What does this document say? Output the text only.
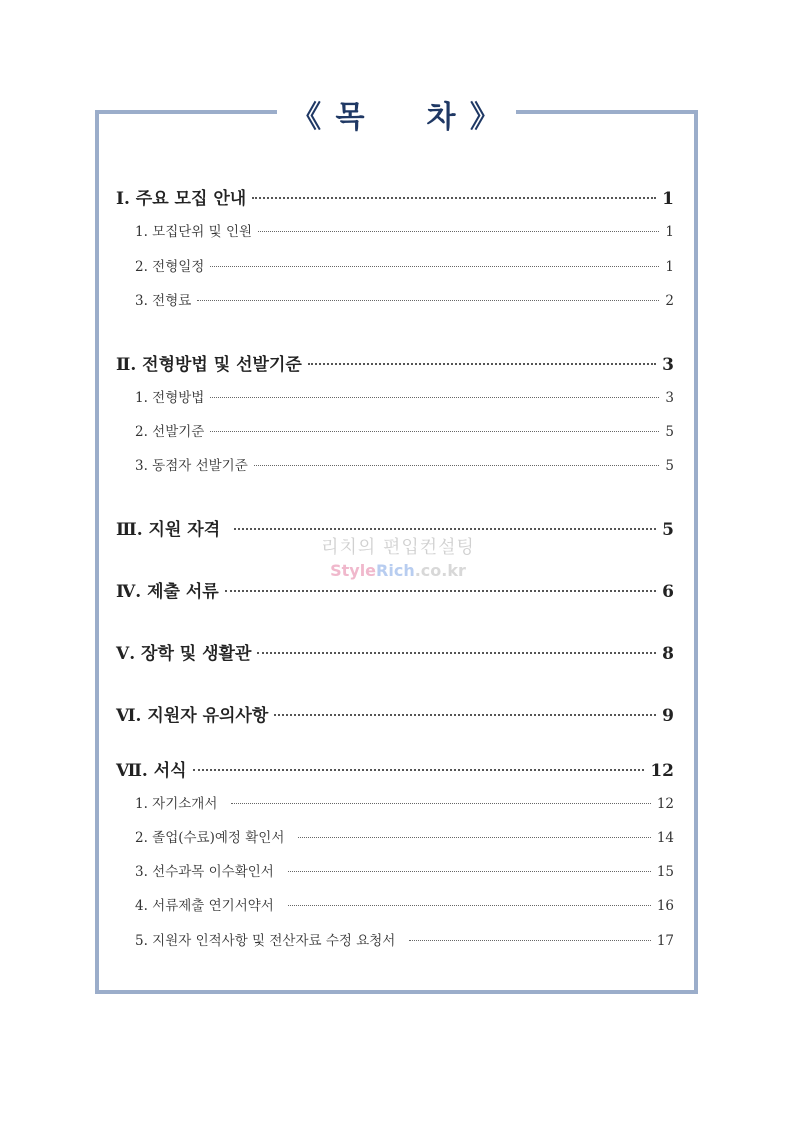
《 목 차 》
Ⅰ. 주요 모집 안내	1
1. 모집단위 및 인원	1
2. 전형일정	1
3. 전형료	2
Ⅱ. 전형방법 및 선발기준	3
1. 전형방법	3
2. 선발기준	5
3. 동점자 선발기준	5
Ⅲ. 지원 자격	5
리치의 편입컨설팅
StyleRich.co.kr
Ⅳ. 제출 서류	6
Ⅴ. 장학 및 생활관	8
Ⅵ. 지원자 유의사항	9
Ⅶ. 서식	12
1. 자기소개서	12
2. 졸업(수료)예정 확인서	14
3. 선수과목 이수확인서	15
4. 서류제출 연기서약서	16
5. 지원자 인적사항 및 전산자료 수정 요청서	17
